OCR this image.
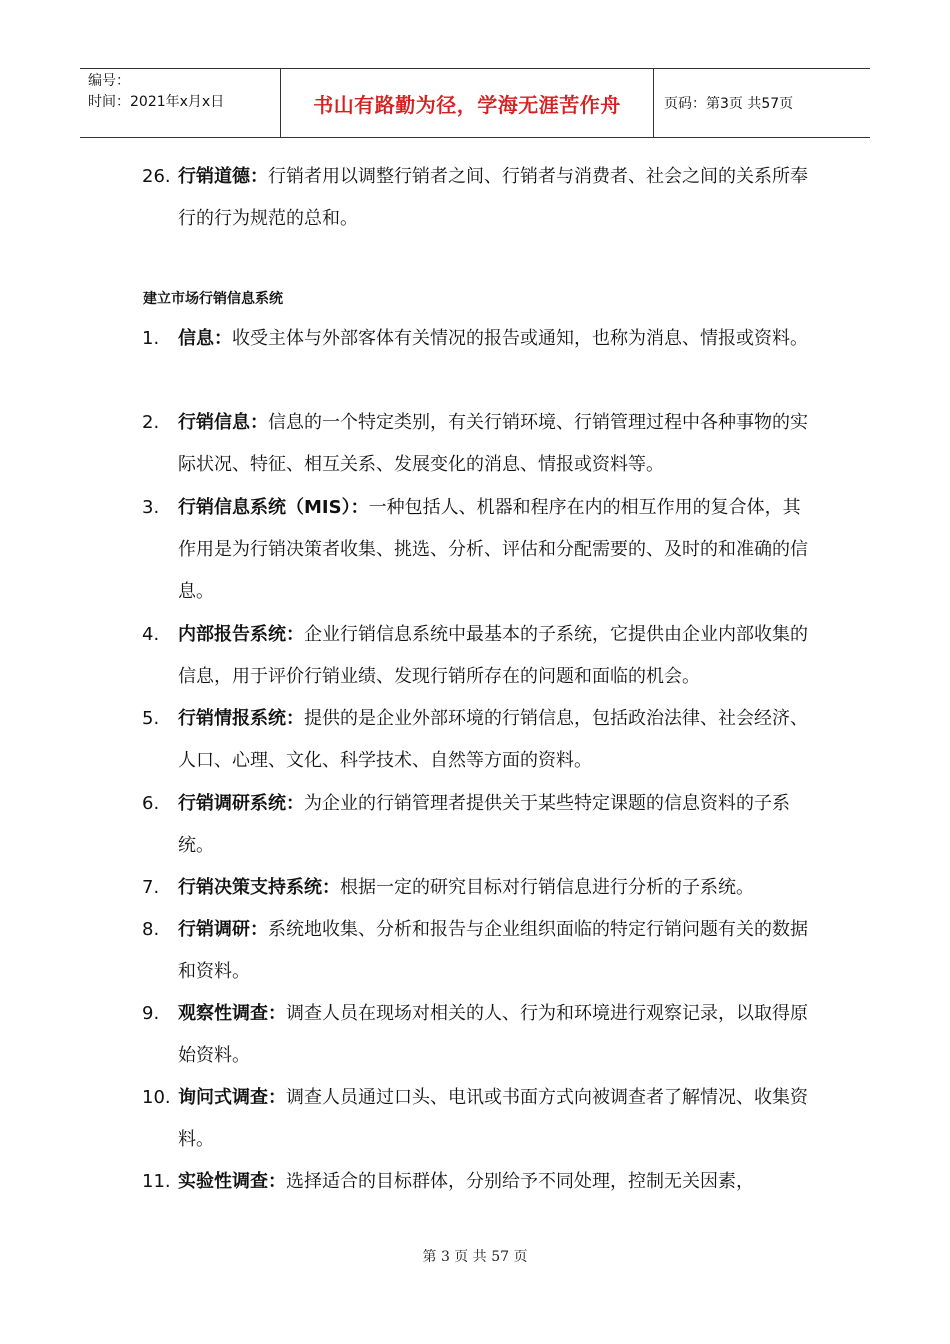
编号：
时间：2021年x月x日	书山有路勤为径，学海无涯苦作舟	页码：第3页 共57页
26. 行销道德：行销者用以调整行销者之间、行销者与消费者、社会之间的关系所奉行的行为规范的总和。
建立市场行销信息系统
1.	信息：收受主体与外部客体有关情况的报告或通知，也称为消息、情报或资料。
2.	行销信息：信息的一个特定类别，有关行销环境、行销管理过程中各种事物的实际状况、特征、相互关系、发展变化的消息、情报或资料等。
3.	行销信息系统（MIS）：一种包括人、机器和程序在内的相互作用的复合体，其作用是为行销决策者收集、挑选、分析、评估和分配需要的、及时的和准确的信息。
4.	内部报告系统：企业行销信息系统中最基本的子系统，它提供由企业内部收集的信息，用于评价行销业绩、发现行销所存在的问题和面临的机会。
5.	行销情报系统：提供的是企业外部环境的行销信息，包括政治法律、社会经济、人口、心理、文化、科学技术、自然等方面的资料。
6.	行销调研系统：为企业的行销管理者提供关于某些特定课题的信息资料的子系统。
7.	行销决策支持系统：根据一定的研究目标对行销信息进行分析的子系统。
8.	行销调研：系统地收集、分析和报告与企业组织面临的特定行销问题有关的数据和资料。
9.	观察性调查：调查人员在现场对相关的人、行为和环境进行观察记录，以取得原始资料。
10. 询问式调查：调查人员通过口头、电讯或书面方式向被调查者了解情况、收集资料。
11. 实验性调查：选择适合的目标群体，分别给予不同处理，控制无关因素，
第 3 页 共 57 页
